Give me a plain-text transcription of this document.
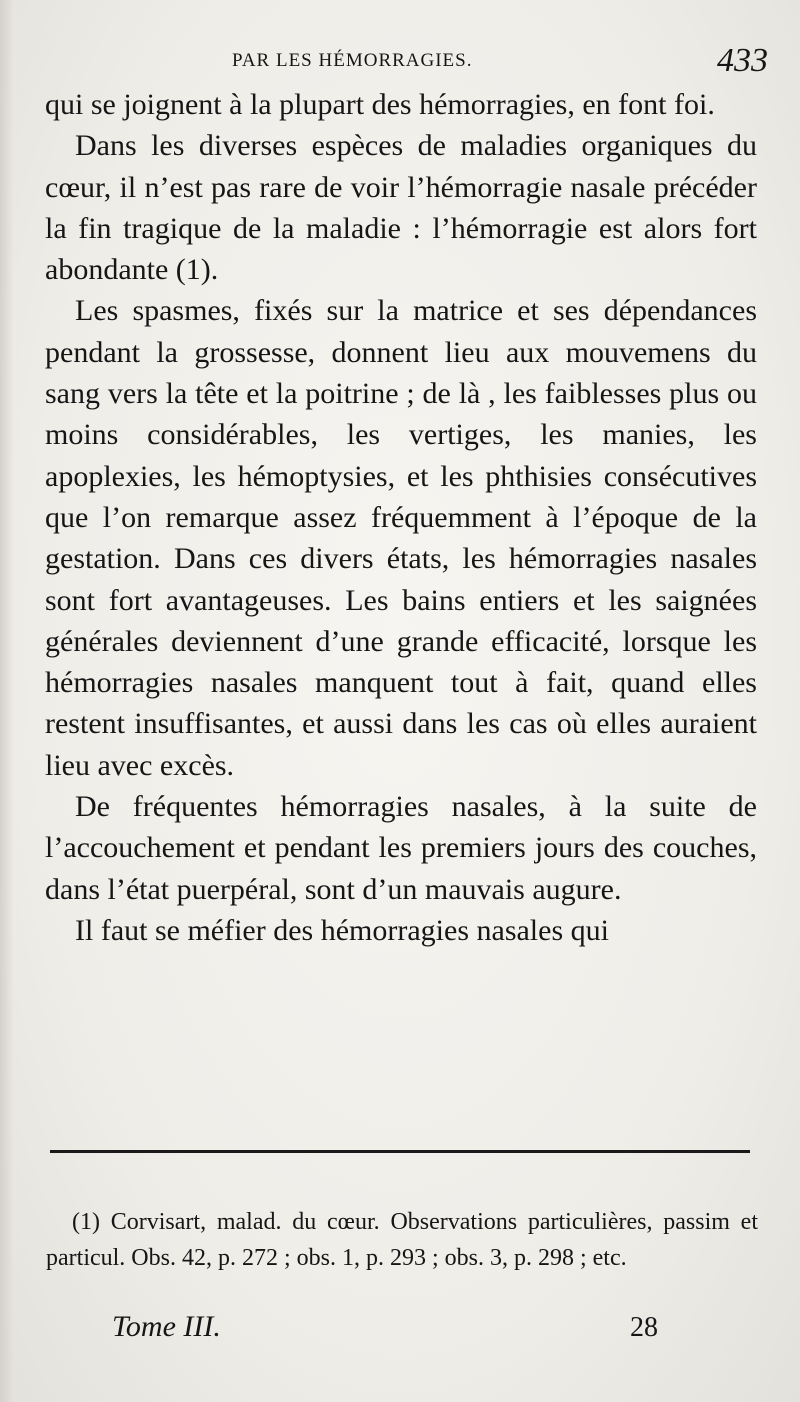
PAR LES HÉMORRAGIES.	433

qui se joignent à la plupart des hémorragies, en font foi.

Dans les diverses espèces de maladies organiques du cœur, il n’est pas rare de voir l’hémorragie nasale précéder la fin tragique de la maladie : l’hémorragie est alors fort abondante (1).

Les spasmes, fixés sur la matrice et ses dépendances pendant la grossesse, donnent lieu aux mouvemens du sang vers la tête et la poitrine ; de là , les faiblesses plus ou moins considérables, les vertiges, les manies, les apoplexies, les hémoptysies, et les phthisies consécutives que l’on remarque assez fréquemment à l’époque de la gestation. Dans ces divers états, les hémorragies nasales sont fort avantageuses. Les bains entiers et les saignées générales deviennent d’une grande efficacité, lorsque les hémorragies nasales manquent tout à fait, quand elles restent insuffisantes, et aussi dans les cas où elles auraient lieu avec excès.

De fréquentes hémorragies nasales, à la suite de l’accouchement et pendant les premiers jours des couches, dans l’état puerpéral, sont d’un mauvais augure.

Il faut se méfier des hémorragies nasales qui

(1) Corvisart, malad. du cœur. Observations particulières, passim et particul. Obs. 42, p. 272 ; obs. 1, p. 293 ; obs. 3, p. 298 ; etc.

Tome III.	28
